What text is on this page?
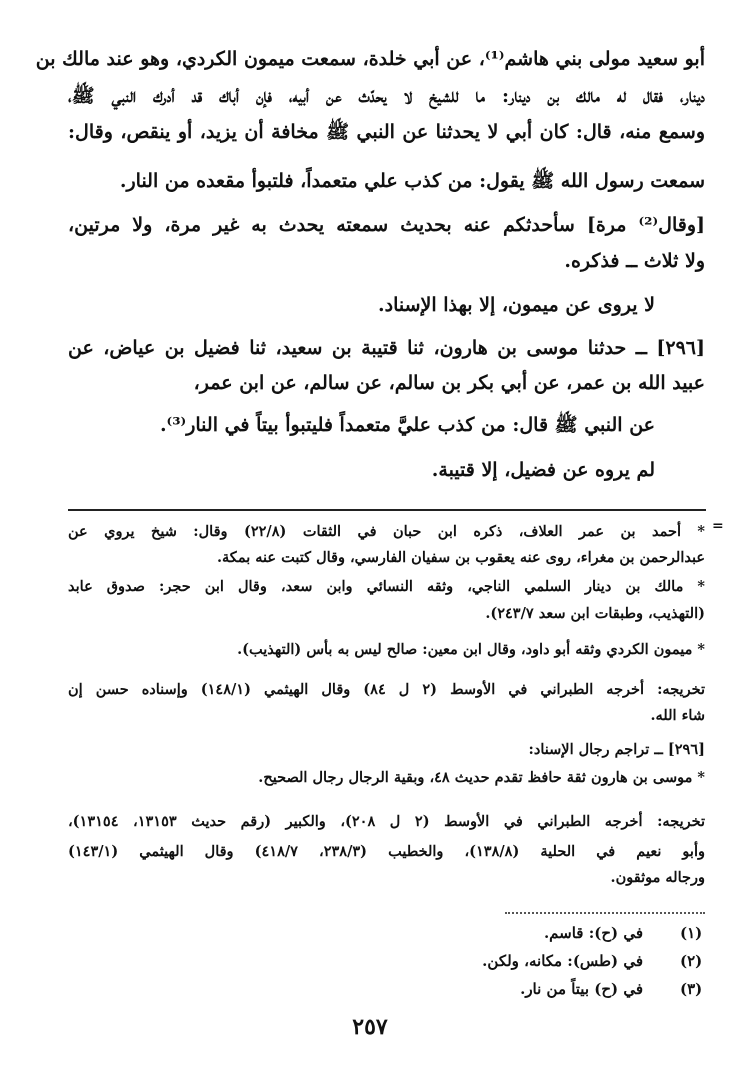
أبو سعيد مولى بني هاشم⁽¹⁾، عن أبي خلدة، سمعت ميمون الكردي، وهو عند مالك بن
دينار، فقال له مالك بن دينار: ما للشيخ لا يحدّث عن أبيه، فإن أباك قد أدرك النبي ﷺ،
وسمع منه، قال: كان أبي لا يحدثنا عن النبي ﷺ مخافة أن يزيد، أو ينقص، وقال:
سمعت رسول الله ﷺ يقول: من كذب علي متعمداً، فلتبوأ مقعده من النار.
[وقال⁽²⁾ مرة] سأحدثكم عنه بحديث سمعته يحدث به غير مرة، ولا مرتين،
ولا ثلاث ــ فذكره.
لا يروى عن ميمون، إلا بهذا الإسناد.
[٢٩٦] ــ حدثنا موسى بن هارون، ثنا قتيبة بن سعيد، ثنا فضيل بن عياض، عن
عبيد الله بن عمر، عن أبي بكر بن سالم، عن سالم، عن ابن عمر،
عن النبي ﷺ قال: من كذب عليَّ متعمداً فليتبوأ بيتاً في النار⁽³⁾.
لم يروه عن فضيل، إلا قتيبة.
=
* أحمد بن عمر العلاف، ذكره ابن حبان في الثقات (٢٢/٨) وقال: شيخ يروي عن
عبدالرحمن بن مغراء، روى عنه يعقوب بن سفيان الفارسي، وقال كتبت عنه بمكة.
* مالك بن دينار السلمي الناجي، وثقه النسائي وابن سعد، وقال ابن حجر: صدوق عابد
(التهذيب، وطبقات ابن سعد ٢٤٣/٧).
* ميمون الكردي وثقه أبو داود، وقال ابن معين: صالح ليس به بأس (التهذيب).
تخريجه: أخرجه الطبراني في الأوسط (٢ ل ٨٤) وقال الهيثمي (١٤٨/١) وإسناده حسن إن
شاء الله.
[٢٩٦] ــ تراجم رجال الإسناد:
* موسى بن هارون ثقة حافظ تقدم حديث ٤٨، وبقية الرجال رجال الصحيح.
تخريجه: أخرجه الطبراني في الأوسط (٢ ل ٢٠٨)، والكبير (رقم حديث ١٣١٥٣، ١٣١٥٤)،
وأبو نعيم في الحلية (١٣٨/٨)، والخطيب (٢٣٨/٣، ٤١٨/٧) وقال الهيثمي (١٤٣/١)
ورجاله موثقون.
(١)
في (ح): قاسم.
(٢)
في (طس): مكانه، ولكن.
(٣)
في (ح) بيتاً من نار.
٢٥٧
